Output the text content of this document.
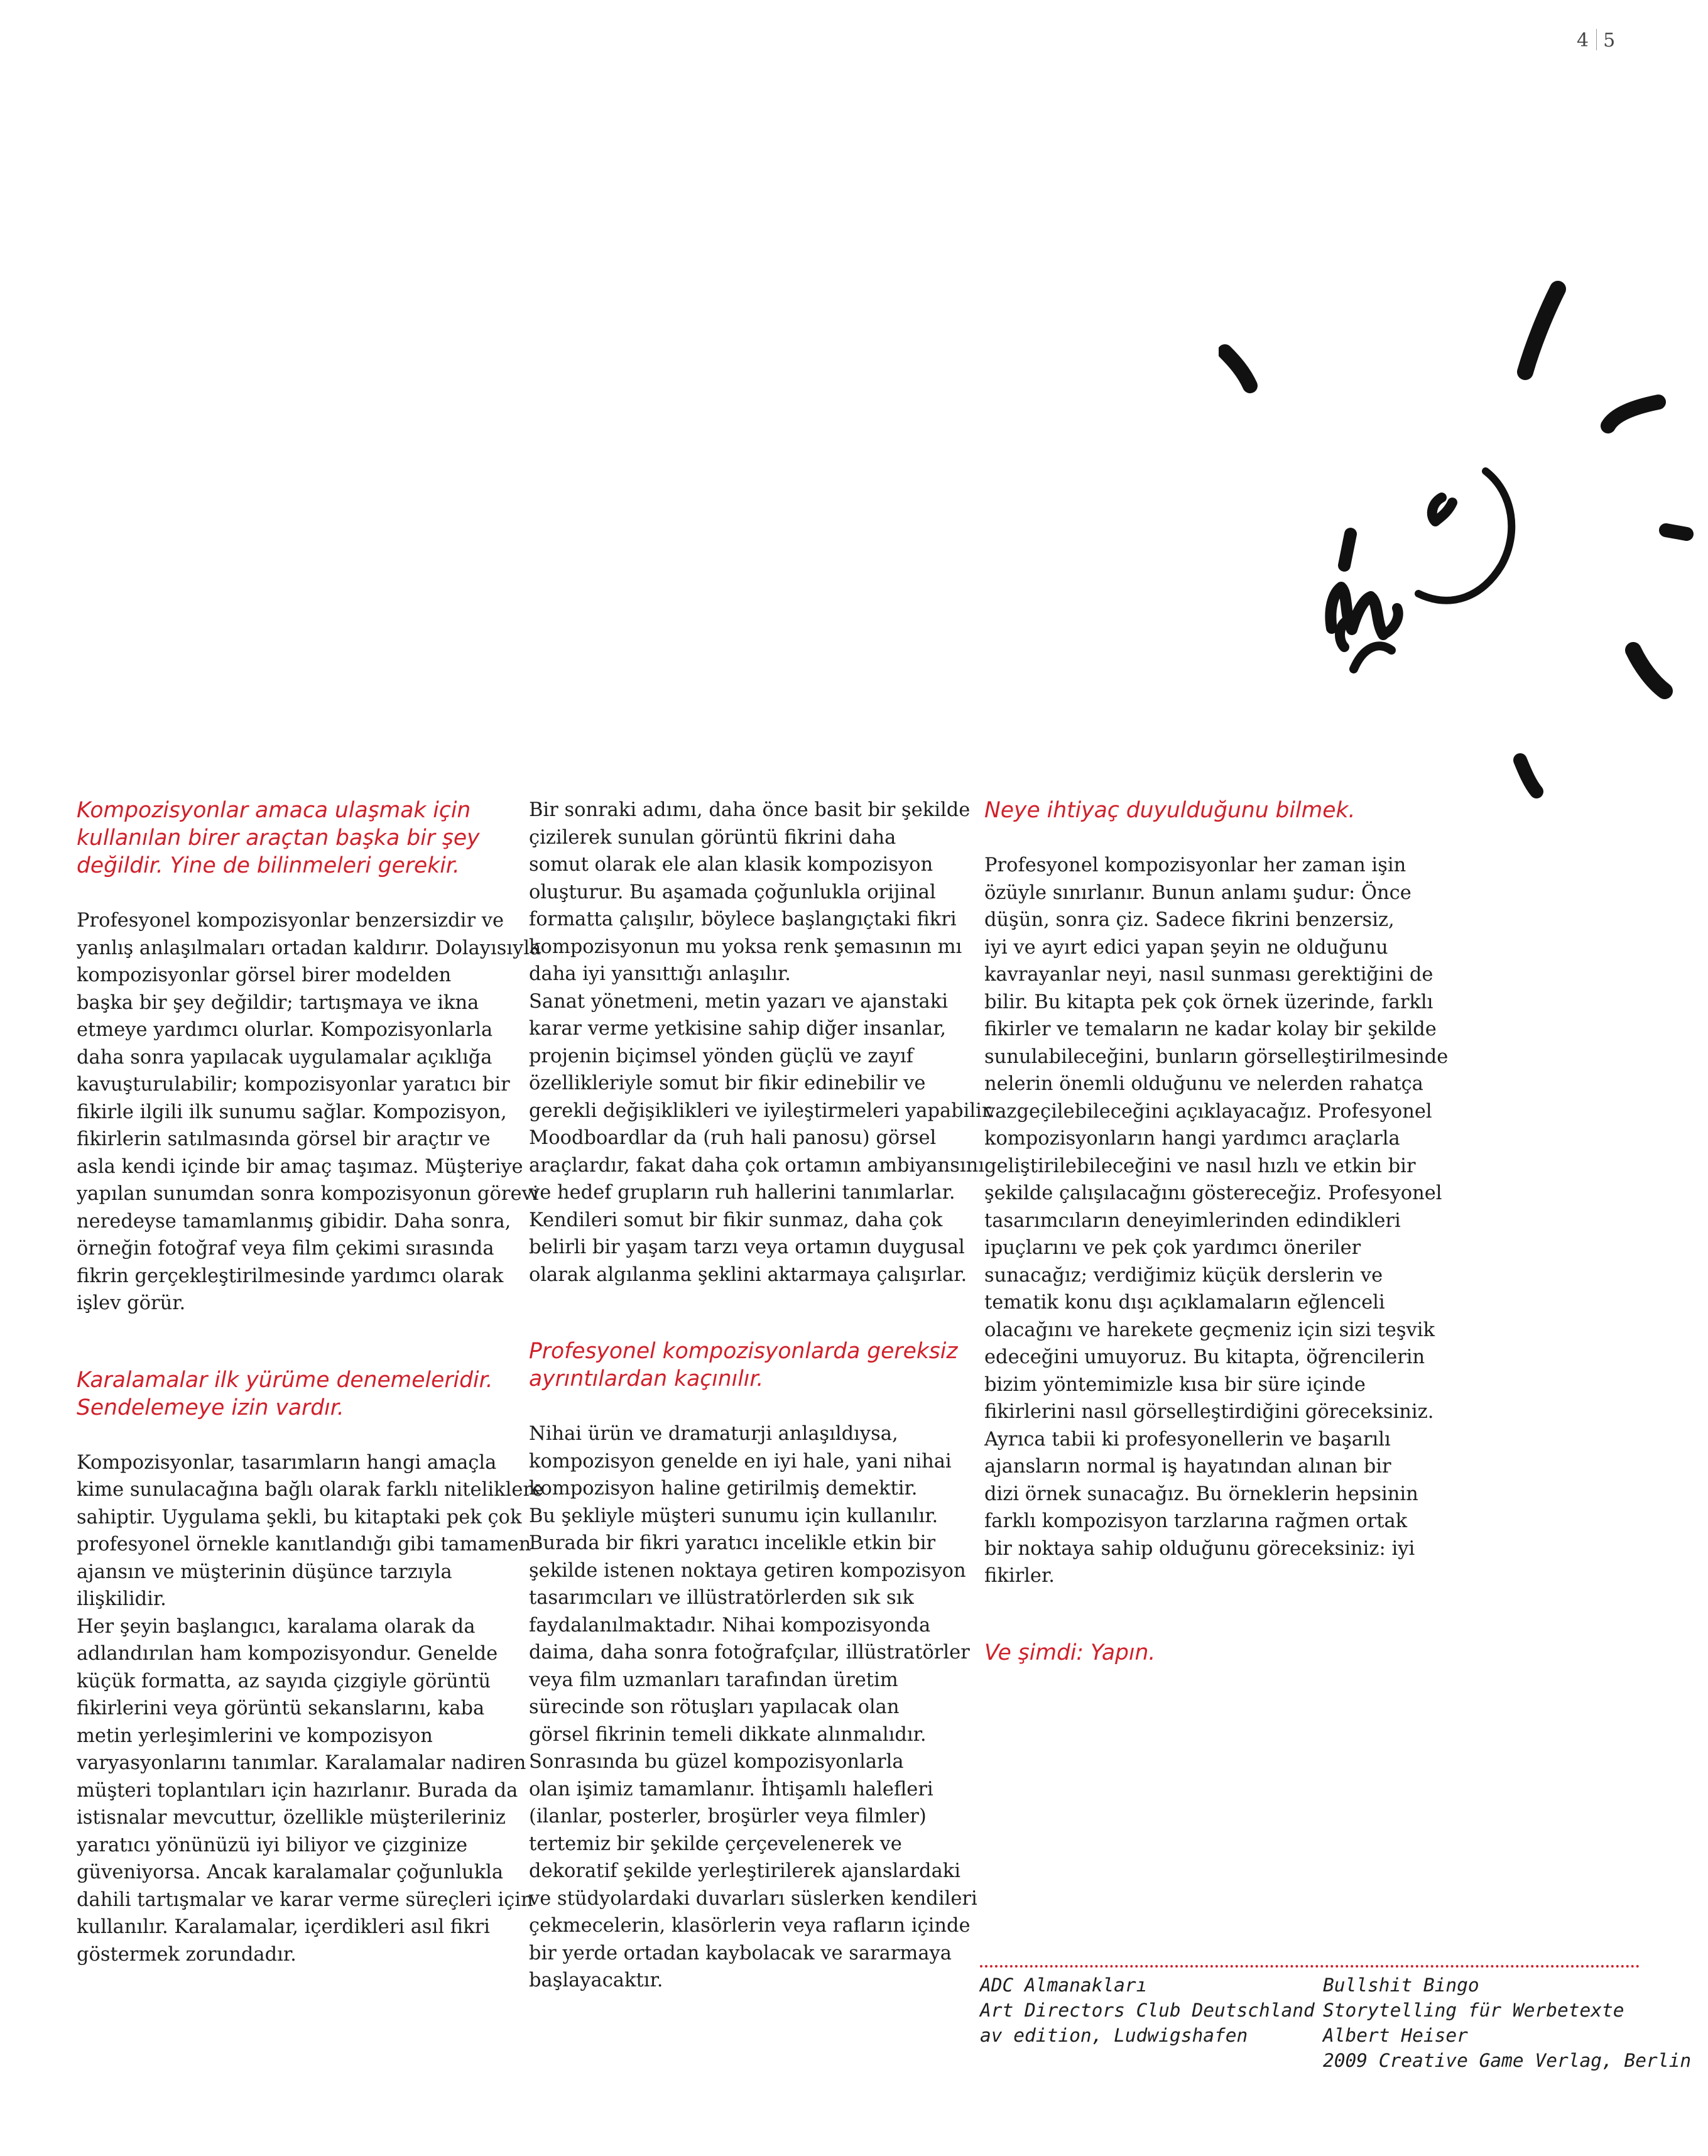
4 5
Kompozisyonlar amaca ulaşmak için
kullanılan birer araçtan başka bir şey
değildir. Yine de bilinmeleri gerekir.

Profesyonel kompozisyonlar benzersizdir ve
yanlış anlaşılmaları ortadan kaldırır. Dolayısıyla
kompozisyonlar görsel birer modelden
başka bir şey değildir; tartışmaya ve ikna
etmeye yardımcı olurlar. Kompozisyonlarla
daha sonra yapılacak uygulamalar açıklığa
kavuşturulabilir; kompozisyonlar yaratıcı bir
fikirle ilgili ilk sunumu sağlar. Kompozisyon,
fikirlerin satılmasında görsel bir araçtır ve
asla kendi içinde bir amaç taşımaz. Müşteriye
yapılan sunumdan sonra kompozisyonun görevi
neredeyse tamamlanmış gibidir. Daha sonra,
örneğin fotoğraf veya film çekimi sırasında
fikrin gerçekleştirilmesinde yardımcı olarak
işlev görür.

Karalamalar ilk yürüme denemeleridir.
Sendelemeye izin vardır.

Kompozisyonlar, tasarımların hangi amaçla
kime sunulacağına bağlı olarak farklı niteliklere
sahiptir. Uygulama şekli, bu kitaptaki pek çok
profesyonel örnekle kanıtlandığı gibi tamamen
ajansın ve müşterinin düşünce tarzıyla
ilişkilidir.
Her şeyin başlangıcı, karalama olarak da
adlandırılan ham kompozisyondur. Genelde
küçük formatta, az sayıda çizgiyle görüntü
fikirlerini veya görüntü sekanslarını, kaba
metin yerleşimlerini ve kompozisyon
varyasyonlarını tanımlar. Karalamalar nadiren
müşteri toplantıları için hazırlanır. Burada da
istisnalar mevcuttur, özellikle müşterileriniz
yaratıcı yönünüzü iyi biliyor ve çizginize
güveniyorsa. Ancak karalamalar çoğunlukla
dahili tartışmalar ve karar verme süreçleri için
kullanılır. Karalamalar, içerdikleri asıl fikri
göstermek zorundadır.

Bir sonraki adımı, daha önce basit bir şekilde
çizilerek sunulan görüntü fikrini daha
somut olarak ele alan klasik kompozisyon
oluşturur. Bu aşamada çoğunlukla orijinal
formatta çalışılır, böylece başlangıçtaki fikri
kompozisyonun mu yoksa renk şemasının mı
daha iyi yansıttığı anlaşılır.
Sanat yönetmeni, metin yazarı ve ajanstaki
karar verme yetkisine sahip diğer insanlar,
projenin biçimsel yönden güçlü ve zayıf
özellikleriyle somut bir fikir edinebilir ve
gerekli değişiklikleri ve iyileştirmeleri yapabilir.
Moodboardlar da (ruh hali panosu) görsel
araçlardır, fakat daha çok ortamın ambiyansını
ve hedef grupların ruh hallerini tanımlarlar.
Kendileri somut bir fikir sunmaz, daha çok
belirli bir yaşam tarzı veya ortamın duygusal
olarak algılanma şeklini aktarmaya çalışırlar.

Profesyonel kompozisyonlarda gereksiz
ayrıntılardan kaçınılır.

Nihai ürün ve dramaturji anlaşıldıysa,
kompozisyon genelde en iyi hale, yani nihai
kompozisyon haline getirilmiş demektir.
Bu şekliyle müşteri sunumu için kullanılır.
Burada bir fikri yaratıcı incelikle etkin bir
şekilde istenen noktaya getiren kompozisyon
tasarımcıları ve illüstratörlerden sık sık
faydalanılmaktadır. Nihai kompozisyonda
daima, daha sonra fotoğrafçılar, illüstratörler
veya film uzmanları tarafından üretim
sürecinde son rötuşları yapılacak olan
görsel fikrinin temeli dikkate alınmalıdır.
Sonrasında bu güzel kompozisyonlarla
olan işimiz tamamlanır. İhtişamlı halefleri
(ilanlar, posterler, broşürler veya filmler)
tertemiz bir şekilde çerçevelenerek ve
dekoratif şekilde yerleştirilerek ajanslardaki
ve stüdyolardaki duvarları süslerken kendileri
çekmecelerin, klasörlerin veya rafların içinde
bir yerde ortadan kaybolacak ve sararmaya
başlayacaktır.

Neye ihtiyaç duyulduğunu bilmek.

Profesyonel kompozisyonlar her zaman işin
özüyle sınırlanır. Bunun anlamı şudur: Önce
düşün, sonra çiz. Sadece fikrini benzersiz,
iyi ve ayırt edici yapan şeyin ne olduğunu
kavrayanlar neyi, nasıl sunması gerektiğini de
bilir. Bu kitapta pek çok örnek üzerinde, farklı
fikirler ve temaların ne kadar kolay bir şekilde
sunulabileceğini, bunların görselleştirilmesinde
nelerin önemli olduğunu ve nelerden rahatça
vazgeçilebileceğini açıklayacağız. Profesyonel
kompozisyonların hangi yardımcı araçlarla
geliştirilebileceğini ve nasıl hızlı ve etkin bir
şekilde çalışılacağını göstereceğiz. Profesyonel
tasarımcıların deneyimlerinden edindikleri
ipuçlarını ve pek çok yardımcı öneriler
sunacağız; verdiğimiz küçük derslerin ve
tematik konu dışı açıklamaların eğlenceli
olacağını ve harekete geçmeniz için sizi teşvik
edeceğini umuyoruz. Bu kitapta, öğrencilerin
bizim yöntemimizle kısa bir süre içinde
fikirlerini nasıl görselleştirdiğini göreceksiniz.
Ayrıca tabii ki profesyonellerin ve başarılı
ajansların normal iş hayatından alınan bir
dizi örnek sunacağız. Bu örneklerin hepsinin
farklı kompozisyon tarzlarına rağmen ortak
bir noktaya sahip olduğunu göreceksiniz: iyi
fikirler.

Ve şimdi: Yapın.
ADC Almanakları
Art Directors Club Deutschland
av edition, Ludwigshafen
Bullshit Bingo
Storytelling für Werbetexte
Albert Heiser
2009 Creative Game Verlag, Berlin
